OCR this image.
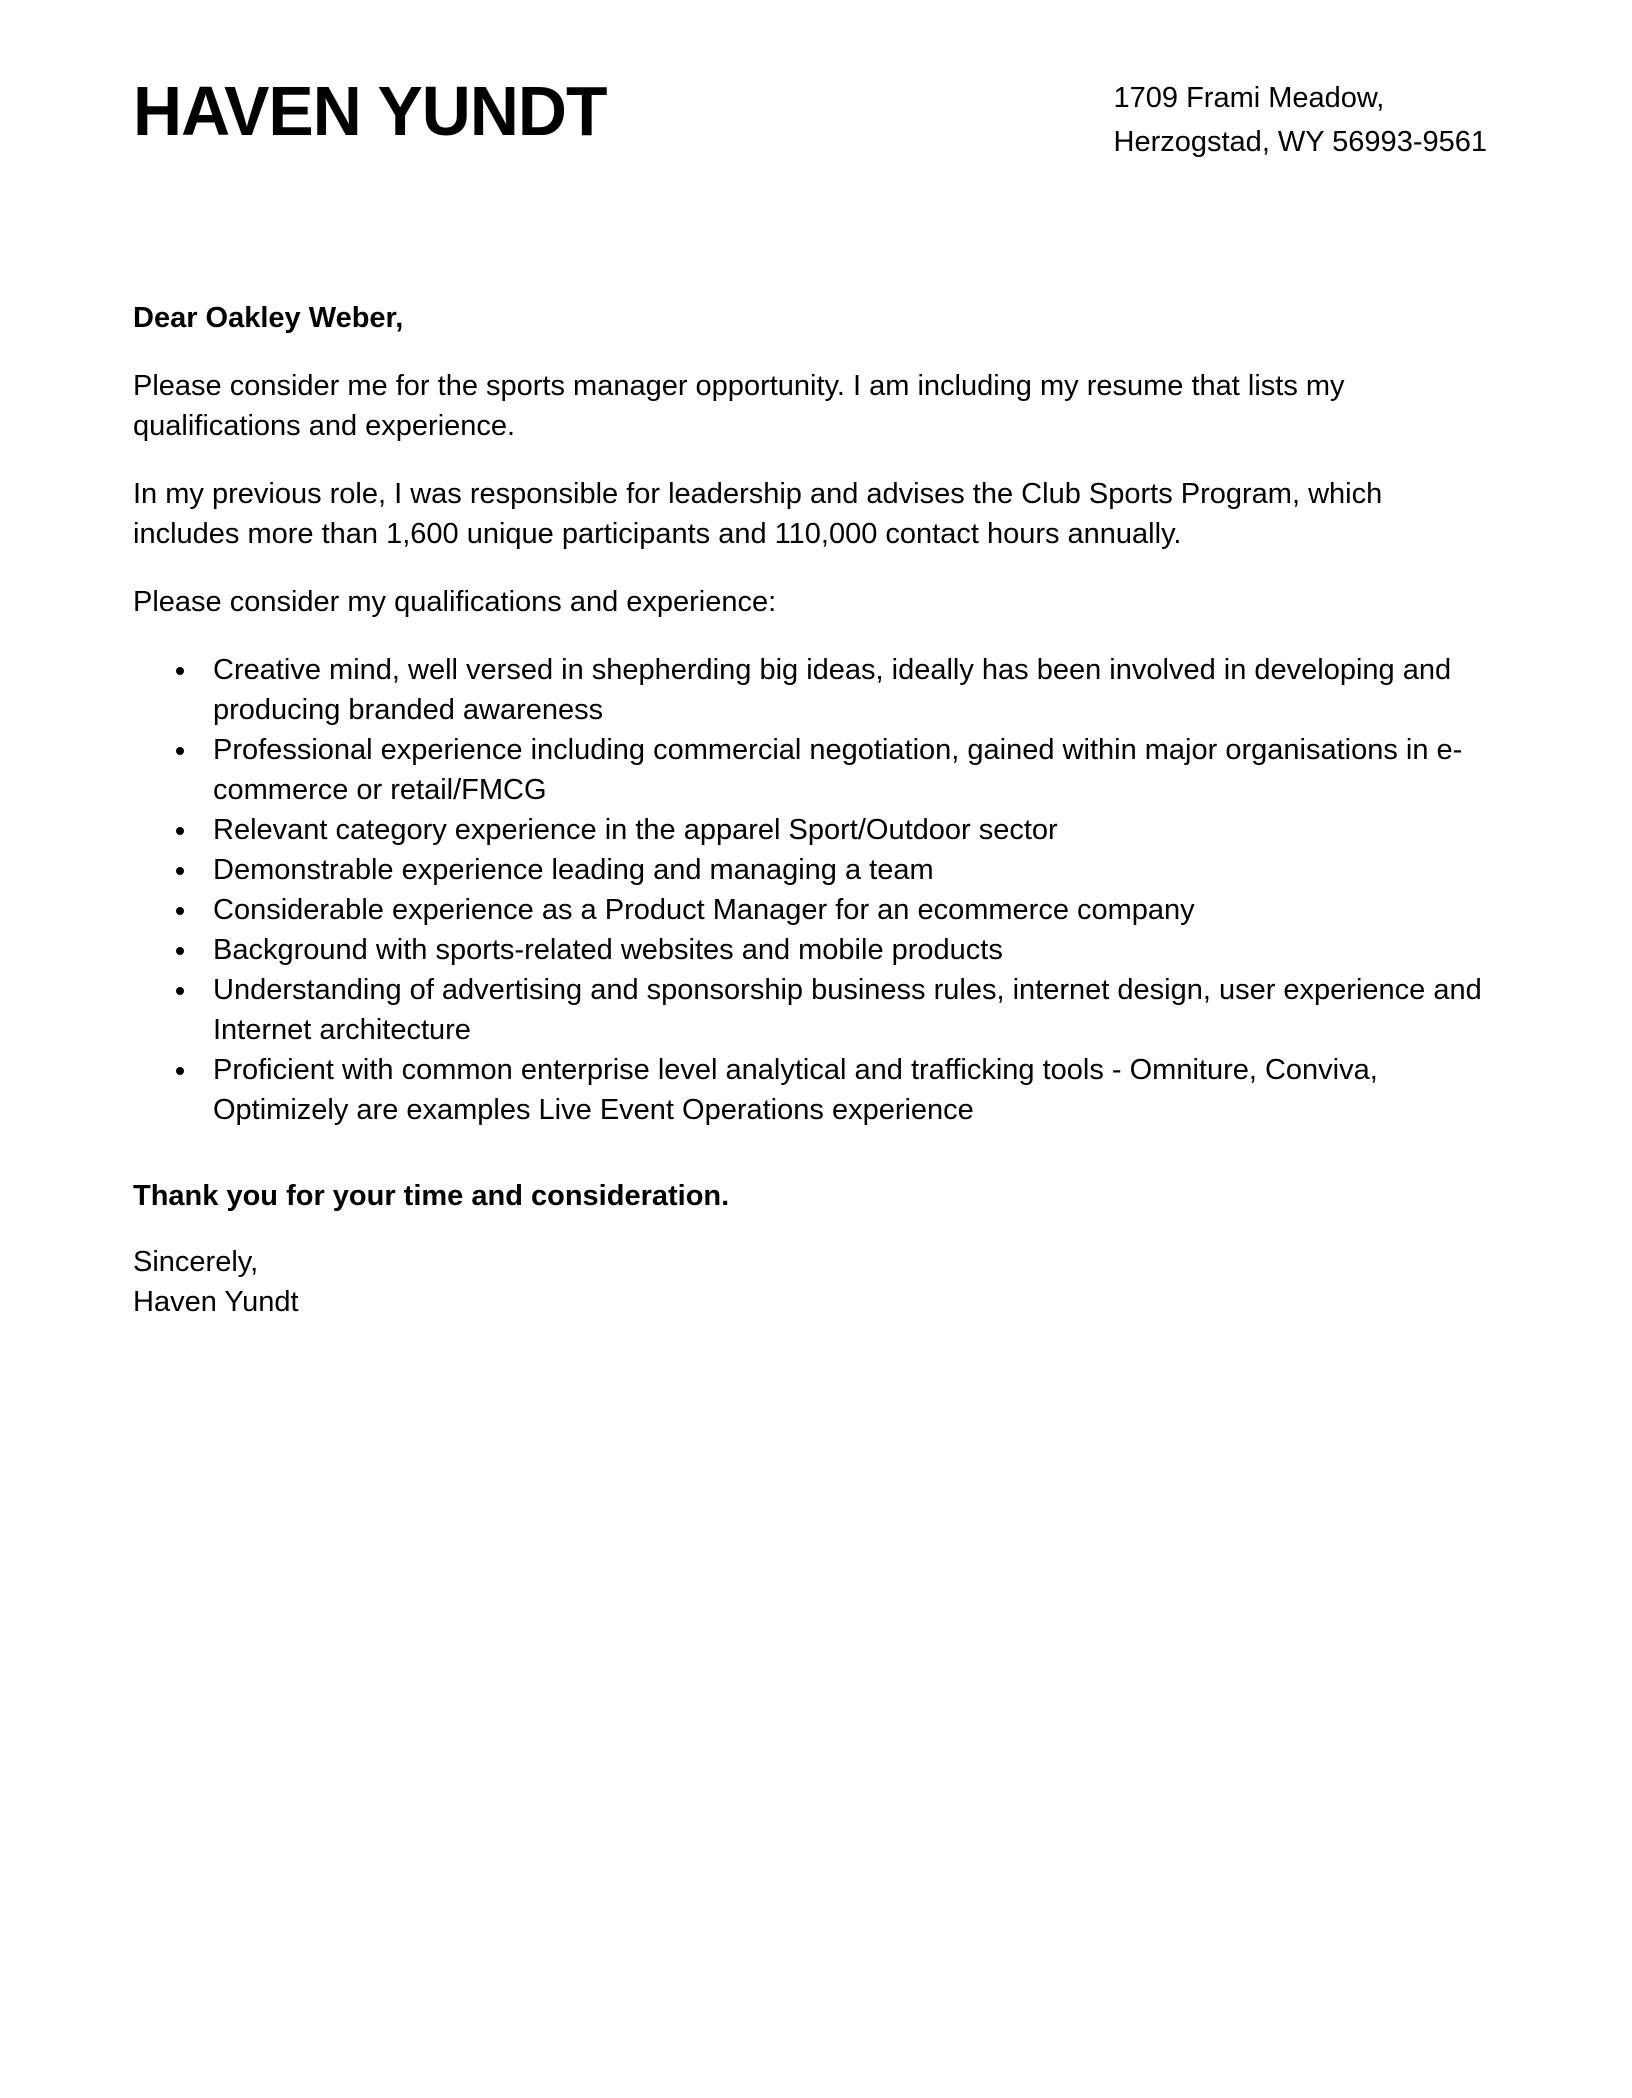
HAVEN YUNDT	1709 Frami Meadow,
Herzogstad, WY 56993-9561

Dear Oakley Weber,

Please consider me for the sports manager opportunity. I am including my resume that lists my qualifications and experience.

In my previous role, I was responsible for leadership and advises the Club Sports Program, which includes more than 1,600 unique participants and 110,000 contact hours annually.

Please consider my qualifications and experience:

• Creative mind, well versed in shepherding big ideas, ideally has been involved in developing and producing branded awareness
• Professional experience including commercial negotiation, gained within major organisations in e-commerce or retail/FMCG
• Relevant category experience in the apparel Sport/Outdoor sector
• Demonstrable experience leading and managing a team
• Considerable experience as a Product Manager for an ecommerce company
• Background with sports-related websites and mobile products
• Understanding of advertising and sponsorship business rules, internet design, user experience and Internet architecture
• Proficient with common enterprise level analytical and trafficking tools - Omniture, Conviva, Optimizely are examples Live Event Operations experience

Thank you for your time and consideration.

Sincerely,
Haven Yundt
